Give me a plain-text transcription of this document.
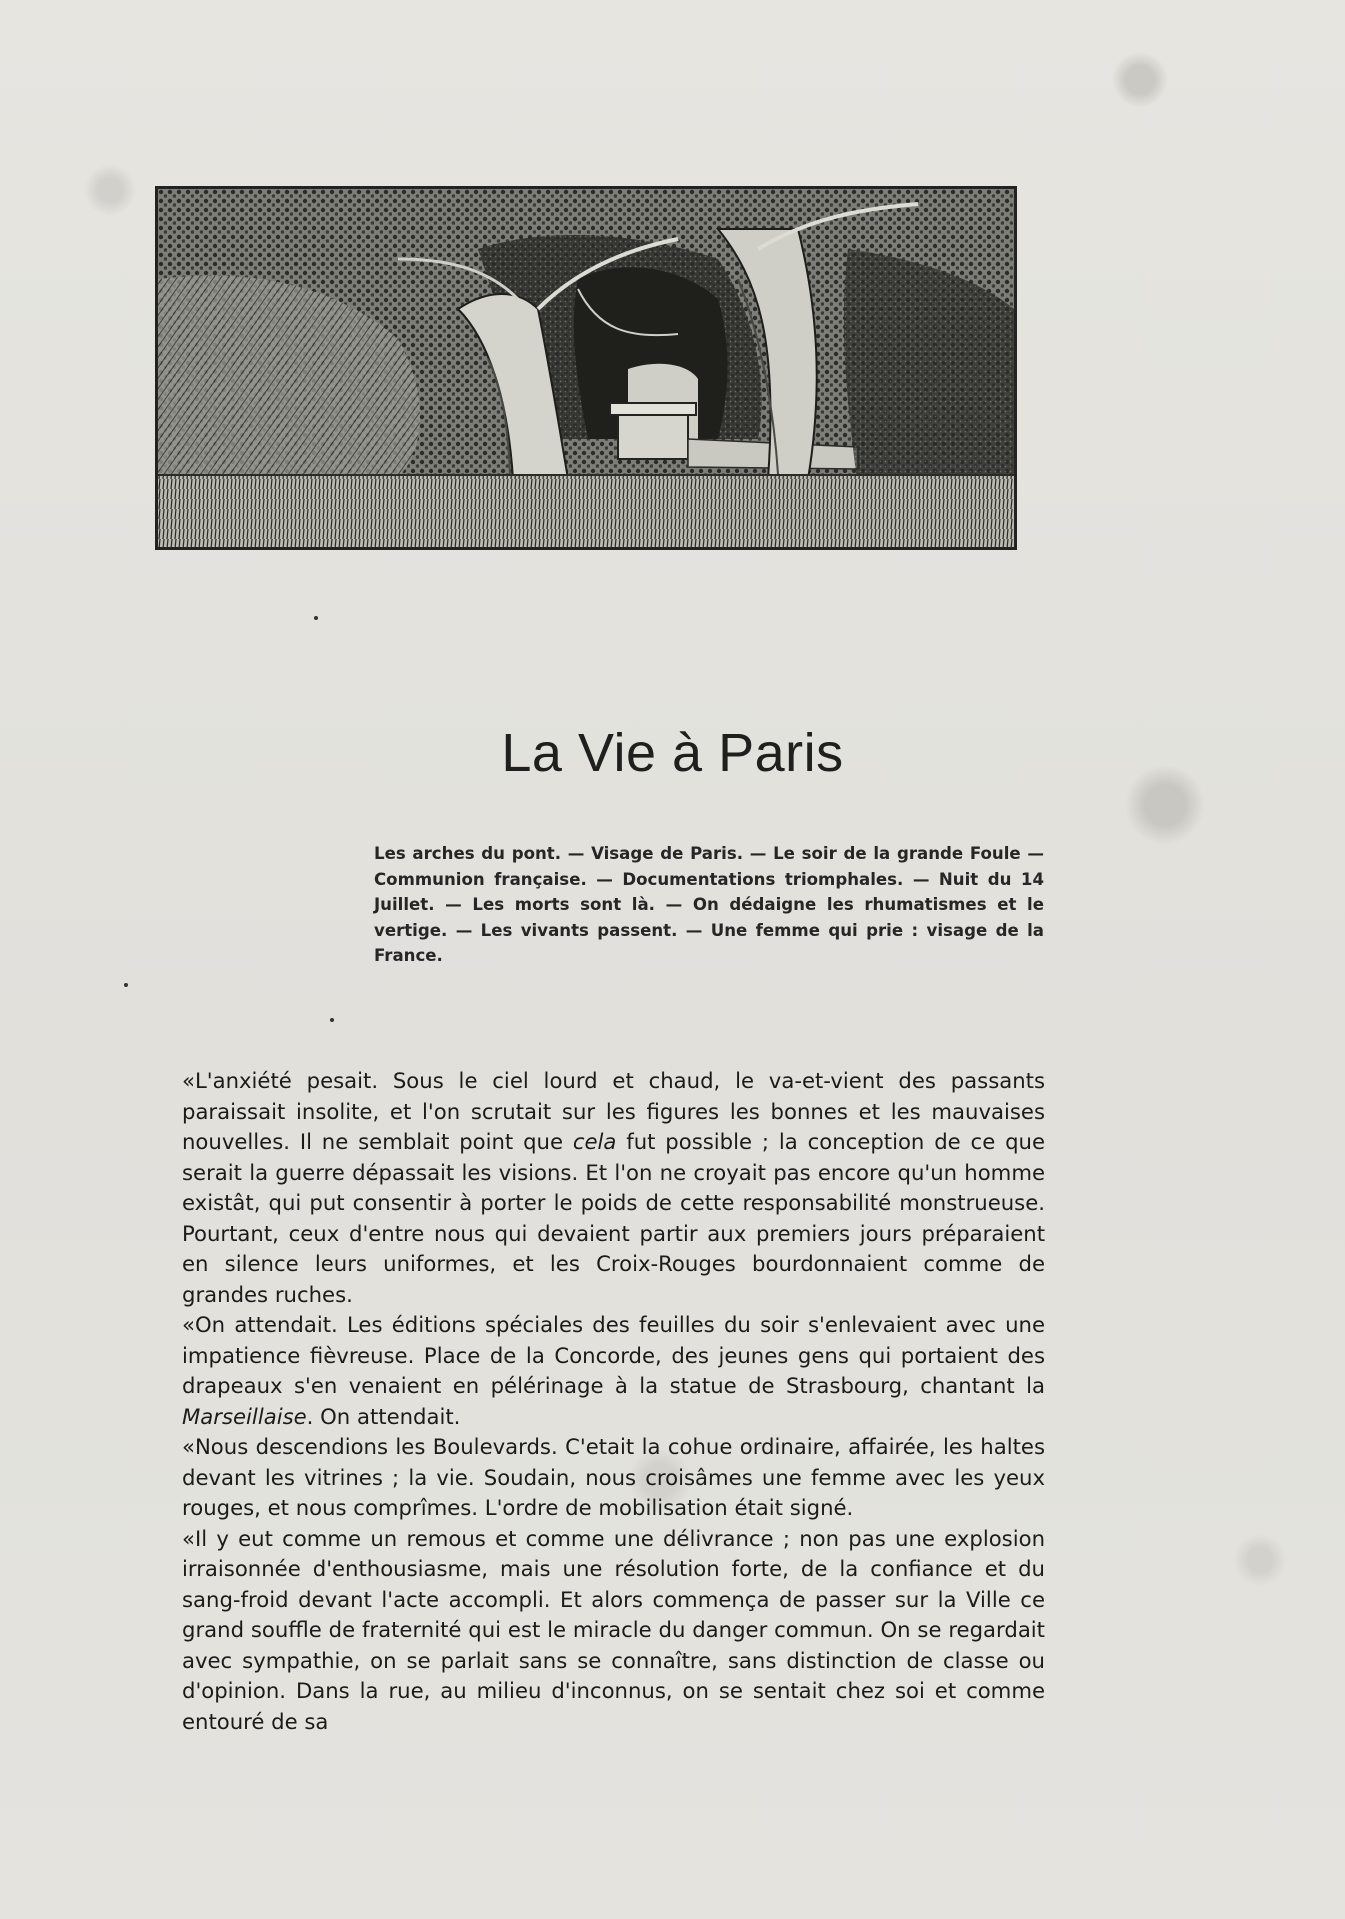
La Vie à Paris

Les arches du pont. — Visage de Paris. — Le soir de la grande Foule — Communion française. — Documentations triomphales. — Nuit du 14 Juillet. — Les morts sont là. — On dédaigne les rhumatismes et le vertige. — Les vivants passent. — Une femme qui prie : visage de la France.

«L'anxiété pesait. Sous le ciel lourd et chaud, le va-et-vient des passants paraissait insolite, et l'on scrutait sur les figures les bonnes et les mauvaises nouvelles. Il ne semblait point que cela fut possible ; la conception de ce que serait la guerre dépassait les visions. Et l'on ne croyait pas encore qu'un homme existât, qui put consentir à porter le poids de cette responsabilité monstrueuse. Pourtant, ceux d'entre nous qui devaient partir aux premiers jours préparaient en silence leurs uniformes, et les Croix-Rouges bourdonnaient comme de grandes ruches.

«On attendait. Les éditions spéciales des feuilles du soir s'enlevaient avec une impatience fièvreuse. Place de la Concorde, des jeunes gens qui portaient des drapeaux s'en venaient en pélérinage à la statue de Strasbourg, chantant la Marseillaise. On attendait.

«Nous descendions les Boulevards. C'etait la cohue ordinaire, affairée, les haltes devant les vitrines ; la vie. Soudain, nous croisâmes une femme avec les yeux rouges, et nous comprîmes. L'ordre de mobilisation était signé.

«Il y eut comme un remous et comme une délivrance ; non pas une explosion irraisonnée d'enthousiasme, mais une résolution forte, de la confiance et du sang-froid devant l'acte accompli. Et alors commença de passer sur la Ville ce grand souffle de fraternité qui est le miracle du danger commun. On se regardait avec sympathie, on se parlait sans se connaître, sans distinction de classe ou d'opinion. Dans la rue, au milieu d'inconnus, on se sentait chez soi et comme entouré de sa
